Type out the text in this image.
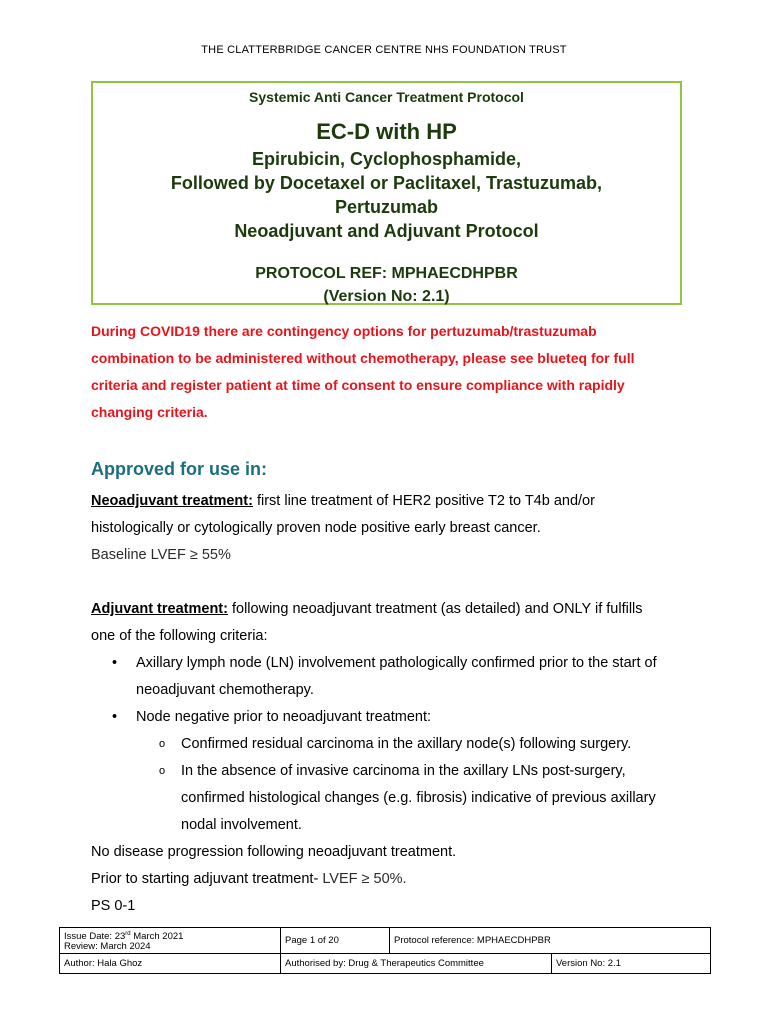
THE CLATTERBRIDGE CANCER CENTRE NHS FOUNDATION TRUST
Systemic Anti Cancer Treatment Protocol
EC-D with HP
Epirubicin, Cyclophosphamide,
Followed by Docetaxel or Paclitaxel, Trastuzumab,
Pertuzumab
Neoadjuvant and Adjuvant Protocol
PROTOCOL REF: MPHAECDHPBR
(Version No: 2.1)
During COVID19 there are contingency options for pertuzumab/trastuzumab
combination to be administered without chemotherapy, please see blueteq for full
criteria and register patient at time of consent to ensure compliance with rapidly
changing criteria.
Approved for use in:
Neoadjuvant treatment: first line treatment of HER2 positive T2 to T4b and/or
histologically or cytologically proven node positive early breast cancer.
Baseline LVEF ≥ 55%
Adjuvant treatment: following neoadjuvant treatment (as detailed) and ONLY if fulfills
one of the following criteria:
• Axillary lymph node (LN) involvement pathologically confirmed prior to the start of
neoadjuvant chemotherapy.
• Node negative prior to neoadjuvant treatment:
o Confirmed residual carcinoma in the axillary node(s) following surgery.
o In the absence of invasive carcinoma in the axillary LNs post-surgery,
confirmed histological changes (e.g. fibrosis) indicative of previous axillary
nodal involvement.
No disease progression following neoadjuvant treatment.
Prior to starting adjuvant treatment- LVEF ≥ 50%.
PS 0-1
Issue Date: 23rd March 2021
Review: March 2024	Page 1 of 20	Protocol reference: MPHAECDHPBR	
Author: Hala Ghoz	Authorised by: Drug & Therapeutics Committee		Version No: 2.1
